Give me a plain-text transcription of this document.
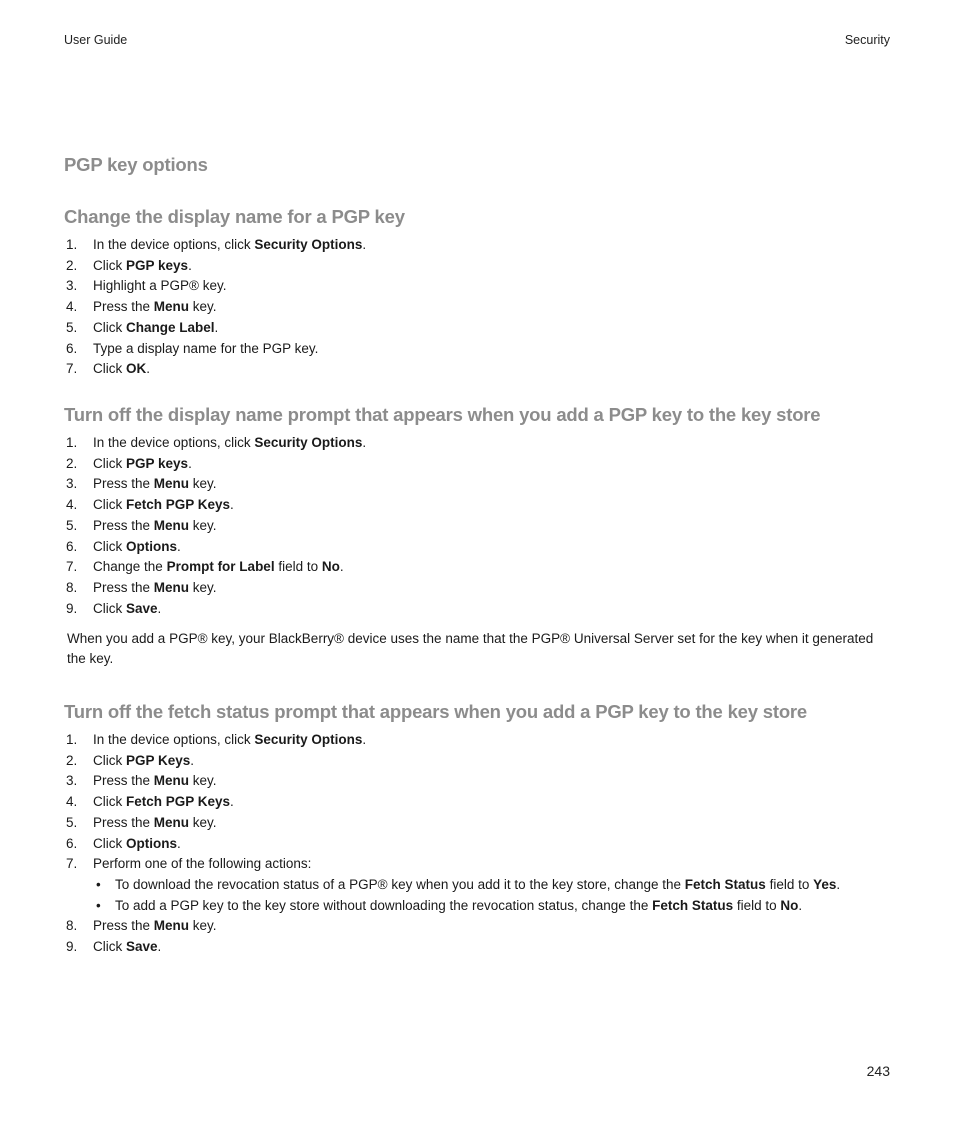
User Guide	Security
PGP key options
Change the display name for a PGP key
1. In the device options, click Security Options.
2. Click PGP keys.
3. Highlight a PGP® key.
4. Press the Menu key.
5. Click Change Label.
6. Type a display name for the PGP key.
7. Click OK.
Turn off the display name prompt that appears when you add a PGP key to the key store
1. In the device options, click Security Options.
2. Click PGP keys.
3. Press the Menu key.
4. Click Fetch PGP Keys.
5. Press the Menu key.
6. Click Options.
7. Change the Prompt for Label field to No.
8. Press the Menu key.
9. Click Save.

When you add a PGP® key, your BlackBerry® device uses the name that the PGP® Universal Server set for the key when it generated the key.

Turn off the fetch status prompt that appears when you add a PGP key to the key store
1. In the device options, click Security Options.
2. Click PGP Keys.
3. Press the Menu key.
4. Click Fetch PGP Keys.
5. Press the Menu key.
6. Click Options.
7. Perform one of the following actions:
• To download the revocation status of a PGP® key when you add it to the key store, change the Fetch Status field to Yes.
• To add a PGP key to the key store without downloading the revocation status, change the Fetch Status field to No.
8. Press the Menu key.
9. Click Save.
243
